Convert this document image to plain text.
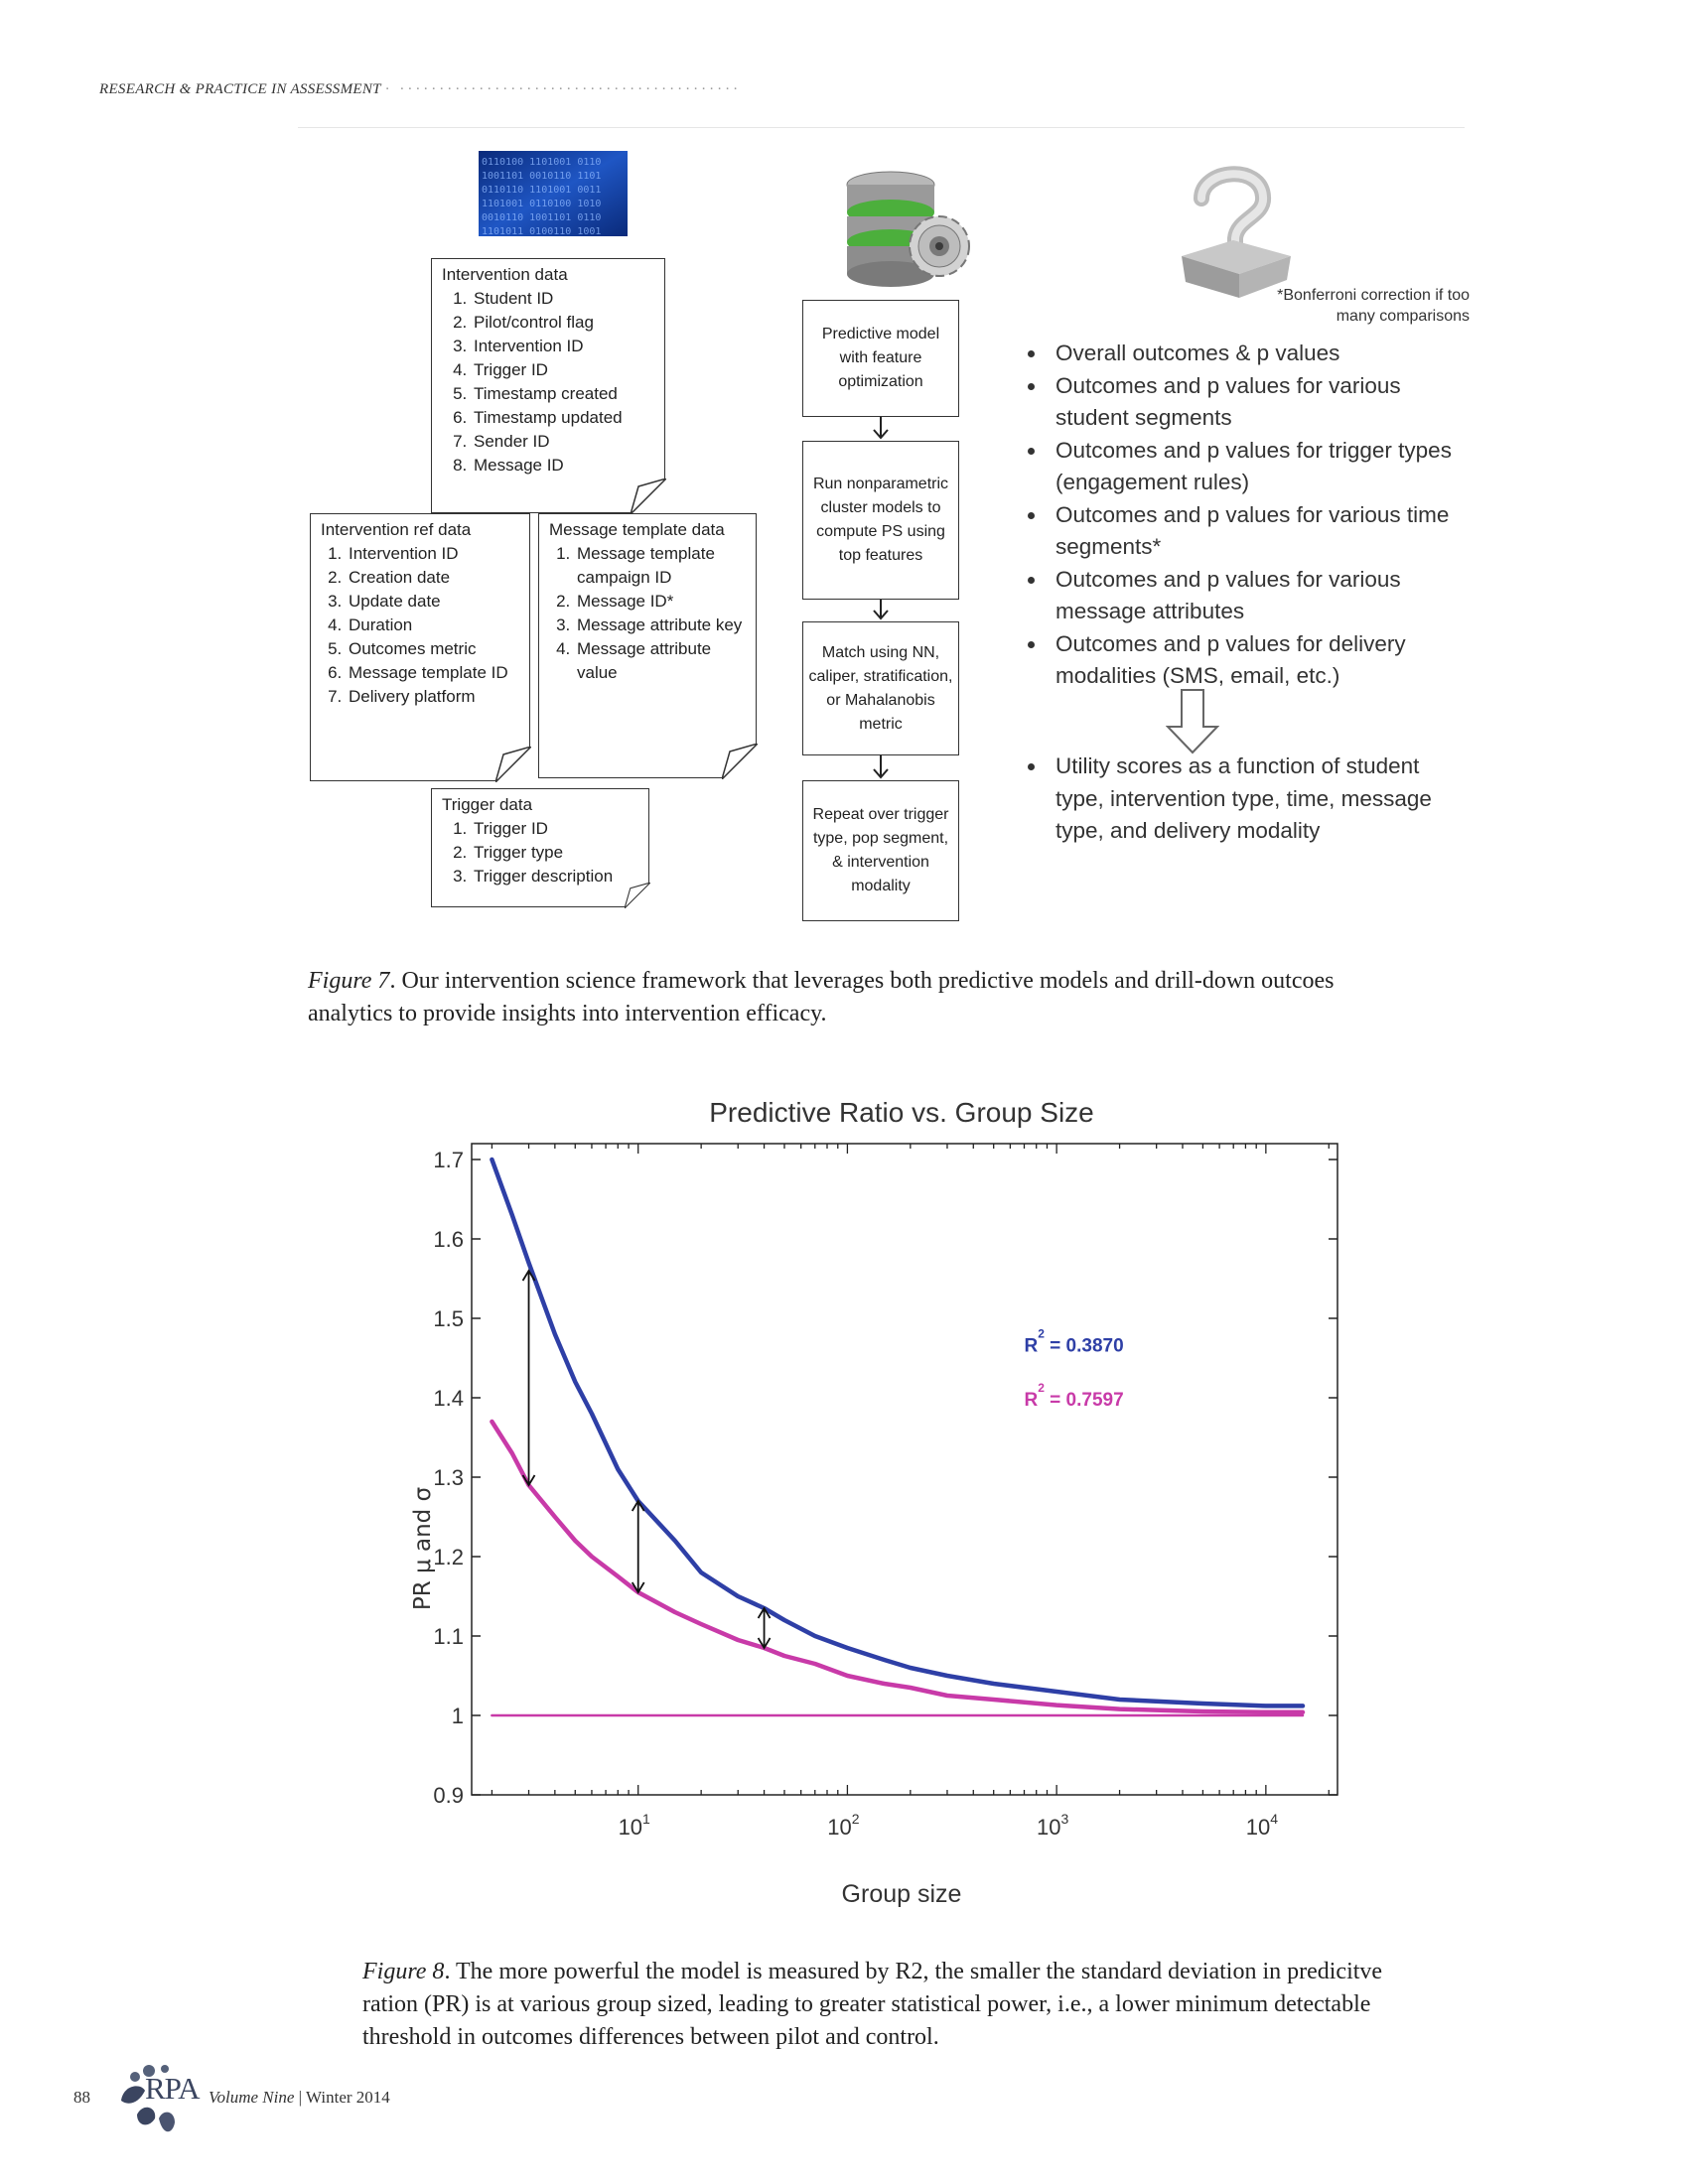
RESEARCH & PRACTICE IN ASSESSMENT · ···········································
0110100 1101001 0110
1001101 0010110 1101
0110110 1101001 0011
1101001 0110100 1010
0010110 1001101 0110
1101011 0100110 1001
Intervention data
1. Student ID
2. Pilot/control flag
3. Intervention ID
4. Trigger ID
5. Timestamp created
6. Timestamp updated
7. Sender ID
8. Message ID
Intervention ref data
1. Intervention ID
2. Creation date
3. Update date
4. Duration
5. Outcomes metric
6. Message template ID
7. Delivery platform
Message template data
1. Message template campaign ID
2. Message ID*
3. Message attribute key
4. Message attribute value
Trigger data
1. Trigger ID
2. Trigger type
3. Trigger description
Predictive model with feature optimization
Run nonparametric cluster models to compute PS using top features
Match using NN, caliper, stratification, or Mahalanobis metric
Repeat over trigger type, pop segment, & intervention modality
*Bonferroni correction if too many comparisons
• Overall outcomes & p values
• Outcomes and p values for various student segments
• Outcomes and p values for trigger types (engagement rules)
• Outcomes and p values for various time segments*
• Outcomes and p values for various message attributes
• Outcomes and p values for delivery modalities (SMS, email, etc.)
• Utility scores as a function of student type, intervention type, time, message type, and delivery modality
Figure 7. Our intervention science framework that leverages both predictive models and drill-down outcoes analytics to provide insights into intervention efficacy.
Predictive Ratio vs. Group Size
Group size
PR μ and σ
0.9
1
1.1
1.2
1.3
1.4
1.5
1.6
1.7
$10^1$	$10^2$	$10^3$	$10^4$
$R^2 = 0.3870$
$R^2 = 0.7597$
Figure 8. The more powerful the model is measured by R2, the smaller the standard deviation in predicitve ration (PR) is at various group sized, leading to greater statistical power, i.e., a lower minimum detectable threshold in outcomes differences between pilot and control.
88 RPA Volume Nine | Winter 2014
